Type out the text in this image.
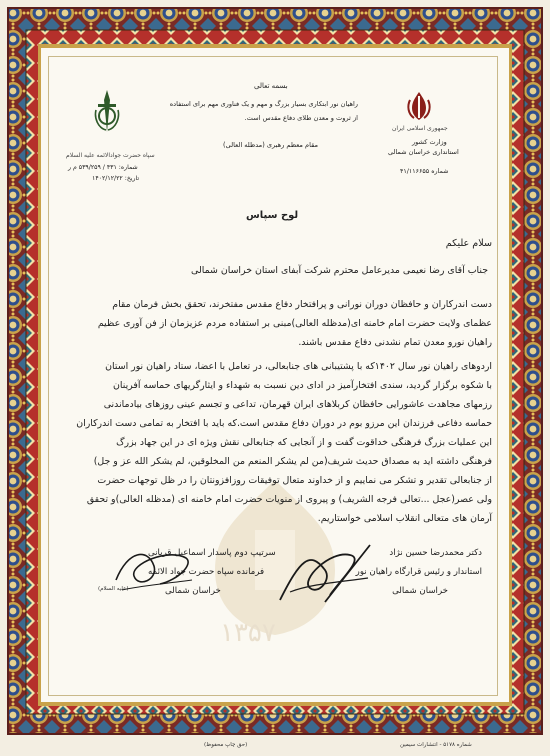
۱۳۵۷
بسمه تعالی
راهیان نور ابتکاری بسیار بزرگ و مهم و یک فناوری مهم برای استفاده
از ثروت و معدن طلای دفاع مقدس است.
مقام معظم رهبری (مدظله العالی)
جمهوری اسلامی ایران
وزارت کشور
استانداری خراسان شمالی
شماره ۴۱/۱۱۶۶۵۵
سپاه حضرت جوادالائمه علیه السلام
شماره: ۴۳۱ / ۵۳۹/۲۵۹ م ر
تاریخ: ۱۴۰۲/۱۲/۲۲
لوح سپاس
سلام علیکم
جناب آقای رضا نعیمی مدیرعامل محترم شرکت آبفای استان خراسان شمالی
دست اندرکاران و حافظان دوران نورانی و پرافتخار دفاع مقدس مفتخرند، تحقق بخش فرمان مقام
عظمای ولایت حضرت امام خامنه ای(مدظله العالی)مبنی بر استفاده مردم عزیزمان از فن آوری عظیم
راهیان نورو معدن تمام نشدنی دفاع مقدس باشند.
اردوهای راهیان نور سال ۱۴۰۲که با پشتیبانی های جنابعالی، در تعامل با اعضا، ستاد راهیان نور استان
با شکوه برگزار گردید، سندی افتخارآمیز در ادای دین نسبت به شهداء و ایثارگریهای حماسه آفرینان
رزمهای مجاهدت عاشورایی حافظان کربلاهای ایران قهرمان، تداعی و تجسم عینی روزهای بیادماندنی
حماسه دفاعی فرزندان این مرزو بوم در دوران دفاع مقدس است.که باید با افتخار به تمامی دست اندرکاران
این عملیات بزرگ فرهنگی خداقوت گفت و از آنجایی که جنابعالی نقش ویژه ای در این جهاد بزرگ
فرهنگی داشته اید به مصداق حدیث شریف(من لم یشکر المنعم من المخلوقین، لم یشکر الله عز و جل)
از جنابعالی تقدیر و تشکر می نماییم و از خداوند متعال توفیقات روزافزونتان را در ظل توجهات حضرت
ولی عصر(عجل ...تعالی فرجه الشریف) و پیروی از منویات حضرت امام خامنه ای (مدظله العالی)و تحقق
آرمان های متعالی انقلاب اسلامی خواستاریم.
دکتر محمدرضا حسین نژاد
استاندار و رئیس قرارگاه راهیان نور
خراسان شمالی
سرتیپ دوم پاسدار اسماعیل قربانی
فرمانده سپاه حضرت جواد الائمه
خراسان شمالی
(علیه السلام)
(حق چاپ محفوظ)	شماره ۵۱۷۸ - انتشارات سیمین
